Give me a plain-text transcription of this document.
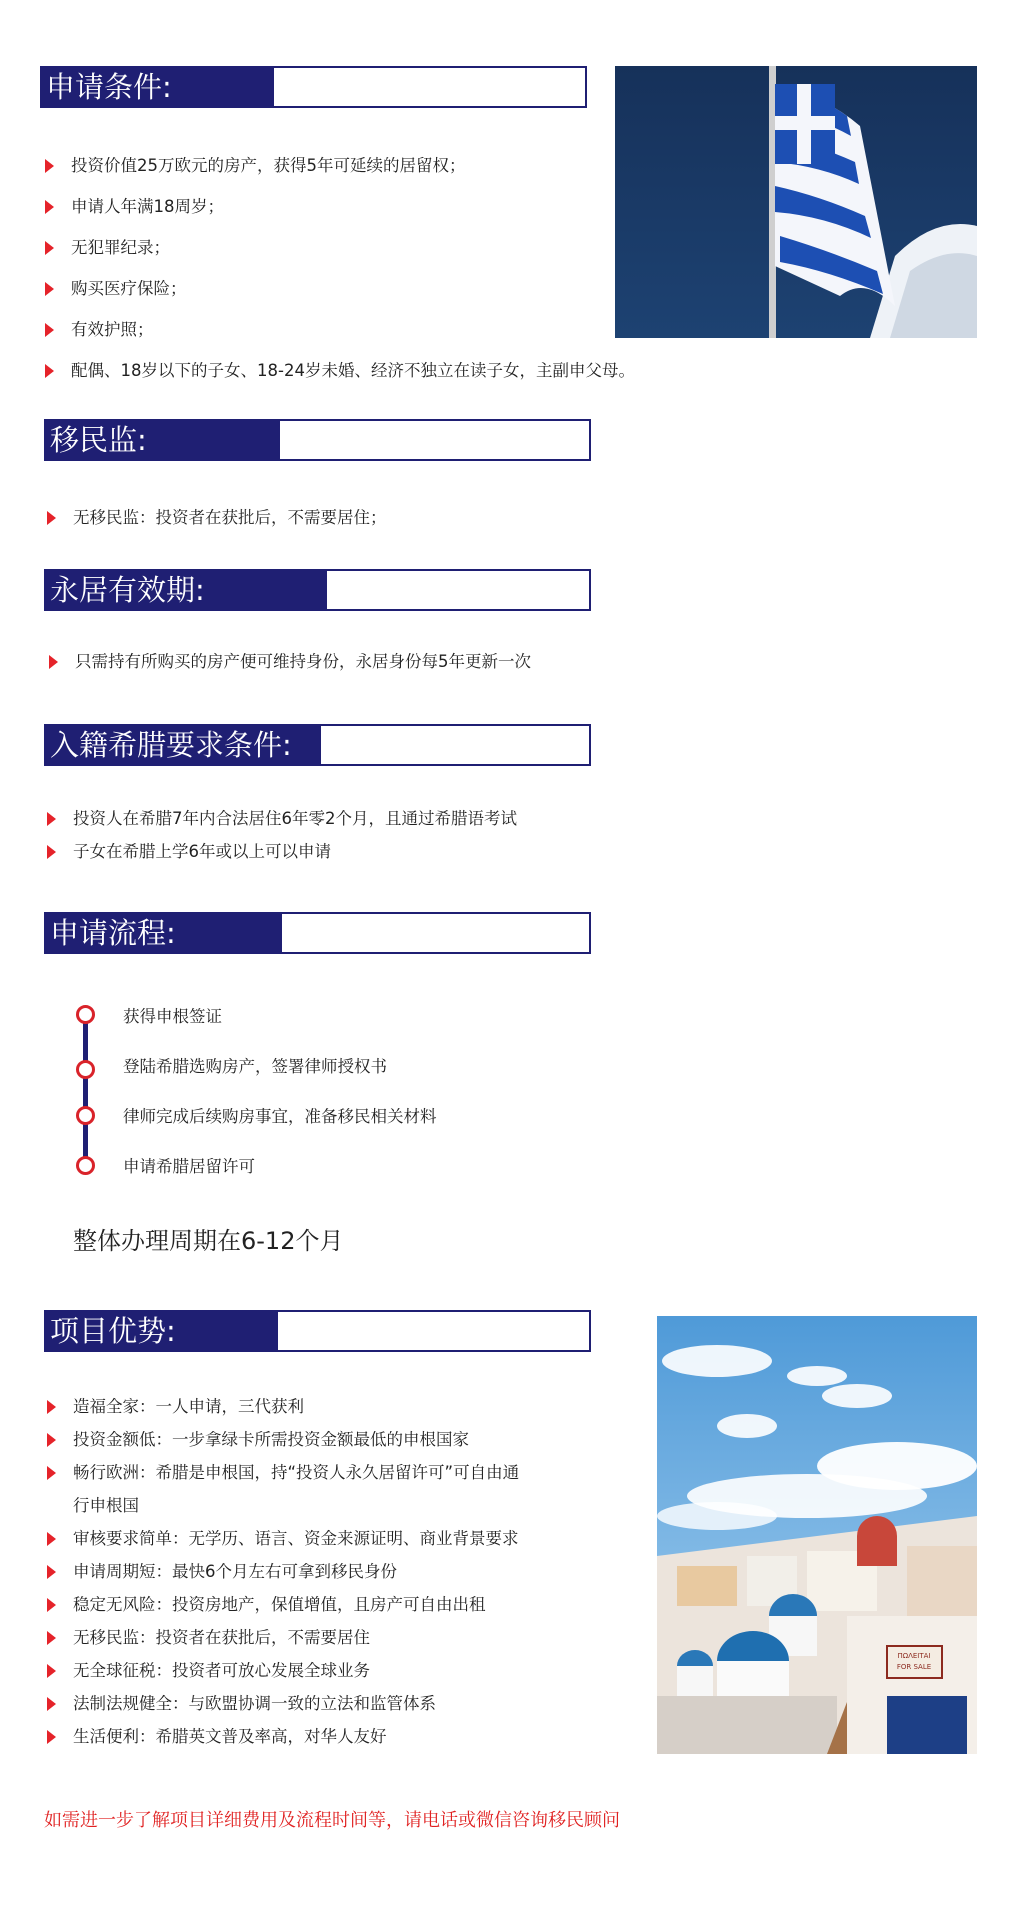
申请条件:
投资价值25万欧元的房产，获得5年可延续的居留权；
申请人年满18周岁；
无犯罪纪录；
购买医疗保险；
有效护照；
配偶、18岁以下的子女、18-24岁未婚、经济不独立在读子女，主副申父母。
移民监:
无移民监：投资者在获批后，不需要居住；
永居有效期:
只需持有所购买的房产便可维持身份，永居身份每5年更新一次
入籍希腊要求条件:
投资人在希腊7年内合法居住6年零2个月，且通过希腊语考试
子女在希腊上学6年或以上可以申请
申请流程:
获得申根签证
登陆希腊选购房产，签署律师授权书
律师完成后续购房事宜，准备移民相关材料
申请希腊居留许可
整体办理周期在6-12个月
项目优势:
ΠΩΛΕΙΤΑΙ
FOR SALE
造福全家：一人申请，三代获利
投资金额低：一步拿绿卡所需投资金额最低的申根国家
畅行欧洲：希腊是申根国，持“投资人永久居留许可”可自由通
行申根国
审核要求简单：无学历、语言、资金来源证明、商业背景要求
申请周期短：最快6个月左右可拿到移民身份
稳定无风险：投资房地产，保值增值，且房产可自由出租
无移民监：投资者在获批后，不需要居住
无全球征税：投资者可放心发展全球业务
法制法规健全：与欧盟协调一致的立法和监管体系
生活便利：希腊英文普及率高，对华人友好
如需进一步了解项目详细费用及流程时间等，请电话或微信咨询移民顾问
